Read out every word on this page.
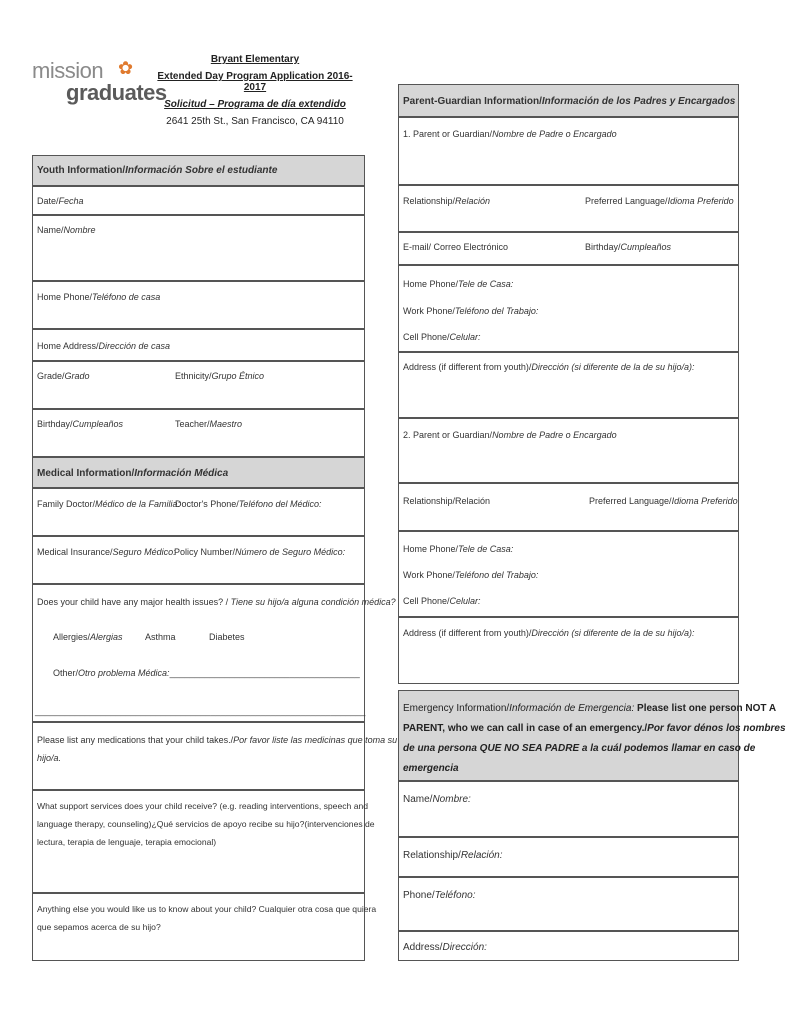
mission ✿
graduates
Bryant Elementary
Extended Day Program Application 2016-2017
Solicitud – Programa de día extendido
2641 25th St., San Francisco, CA 94110
Youth Information/Información Sobre el estudiante
Date/Fecha
Name/Nombre
Home Phone/Teléfono de casa
Home Address/Dirección de casa
Grade/Grado	Ethnicity/Grupo Étnico
Birthday/Cumpleaños	Teacher/Maestro
Medical Information/Información Médica
Family Doctor/Médico de la Familia:
Doctor's Phone/Teléfono del Médico:
Medical Insurance/Seguro Médico:
Policy Number/Número de Seguro Médico:
Does your child have any major health issues? / Tiene su hijo/a alguna condición médica?
Allergies/Alergias Asthma	Diabetes
Other/Otro problema Médica:______________________________________
__________________________________________________________________
Please list any medications that your child takes./Por favor liste las medicinas que toma su
hijo/a.
What support services does your child receive? (e.g. reading interventions, speech and
language therapy, counseling)¿Qué servicios de apoyo recibe su hijo?(intervenciones de
lectura, terapia de lenguaje, terapia emocional)
Anything else you would like us to know about your child? Cualquier otra cosa que quiera
que sepamos acerca de su hijo?
Parent-Guardian Information/Información de los Padres y Encargados
1. Parent or Guardian/Nombre de Padre o Encargado
Relationship/Relación	Preferred Language/Idioma Preferido
E-mail/ Correo Electrónico	Birthday/Cumpleaños
Home Phone/Tele de Casa:
Work Phone/Teléfono del Trabajo:
Cell Phone/Celular:
Address (if different from youth)/Dirección (si diferente de la de su hijo/a):
2. Parent or Guardian/Nombre de Padre o Encargado
Relationship/Relación	Preferred Language/Idioma Preferido
Home Phone/Tele de Casa:
Work Phone/Teléfono del Trabajo:
Cell Phone/Celular:
Address (if different from youth)/Dirección (si diferente de la de su hijo/a):
Emergency Information/Información de Emergencia: Please list one person NOT A
PARENT, who we can call in case of an emergency./Por favor dénos los nombres
de una persona QUE NO SEA PADRE a la cuál podemos llamar en caso de
emergencia
Name/Nombre:
Relationship/Relación:
Phone/Teléfono:
Address/Dirección:
